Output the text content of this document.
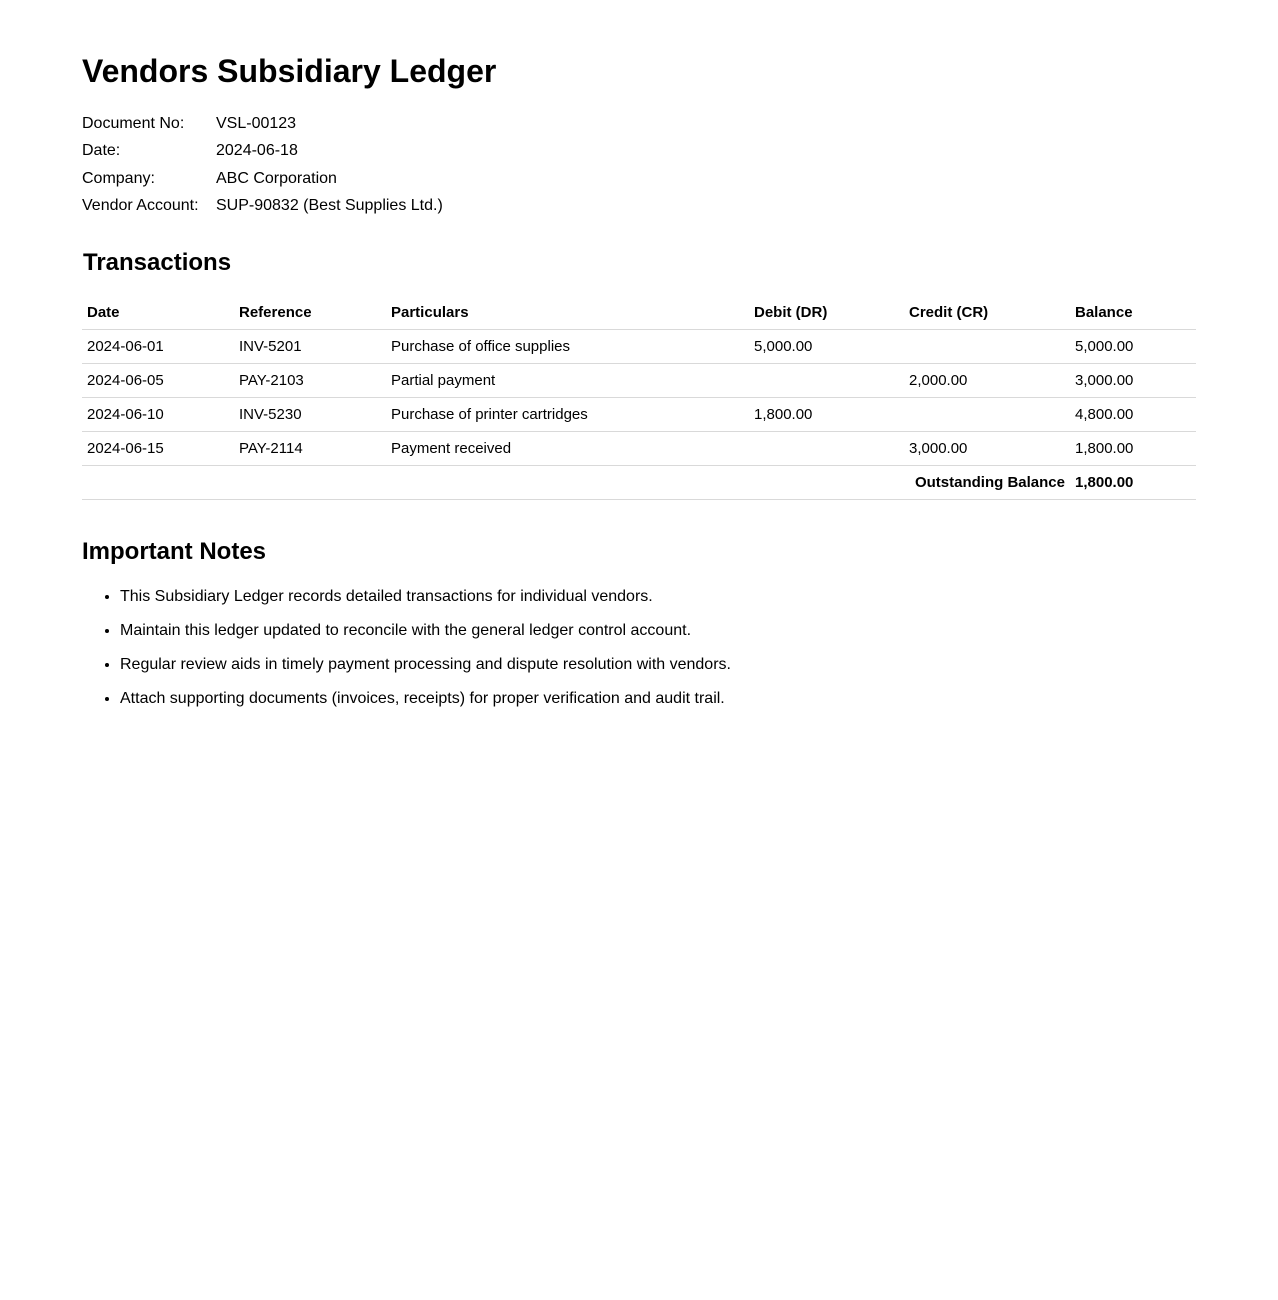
Vendors Subsidiary Ledger
Document No:	VSL-00123
Date:	2024-06-18
Company:	ABC Corporation
Vendor Account:	SUP-90832 (Best Supplies Ltd.)
Transactions
Date	Reference	Particulars	Debit (DR)	Credit (CR)	Balance
2024-06-01	INV-5201	Purchase of office supplies	5,000.00		5,000.00
2024-06-05	PAY-2103	Partial payment		2,000.00	3,000.00
2024-06-10	INV-5230	Purchase of printer cartridges	1,800.00		4,800.00
2024-06-15	PAY-2114	Payment received		3,000.00	1,800.00
Outstanding Balance					1,800.00
Important Notes
• This Subsidiary Ledger records detailed transactions for individual vendors.
• Maintain this ledger updated to reconcile with the general ledger control account.
• Regular review aids in timely payment processing and dispute resolution with vendors.
• Attach supporting documents (invoices, receipts) for proper verification and audit trail.
